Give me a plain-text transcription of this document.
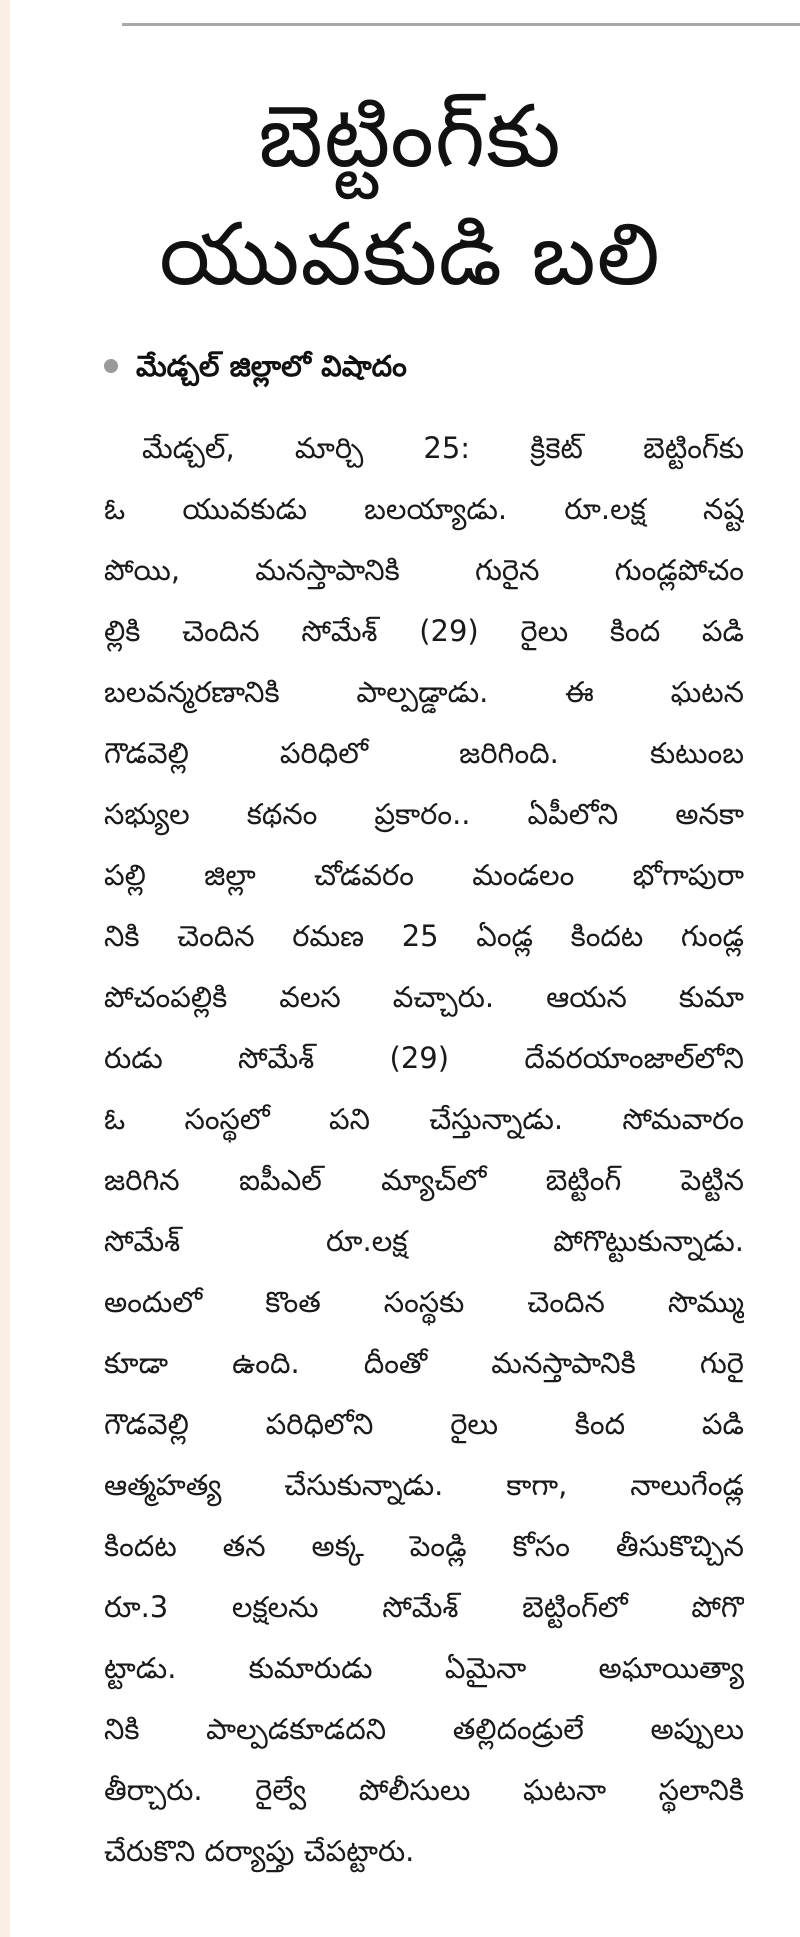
బెట్టింగ్‌కు
యువకుడి బలి
మేడ్చల్ జిల్లాలో విషాదం
మేడ్చల్, మార్చి 25: క్రికెట్ బెట్టింగ్‌కు
ఓ యువకుడు బలయ్యాడు. రూ.లక్ష నష్ట
పోయి, మనస్తాపానికి గురైన గుండ్లపోచం
ల్లికి చెందిన సోమేశ్ (29) రైలు కింద పడి
బలవన్మరణానికి పాల్పడ్డాడు. ఈ ఘటన
గౌడవెల్లి పరిధిలో జరిగింది. కుటుంబ
సభ్యుల కథనం ప్రకారం.. ఏపీలోని అనకా
పల్లి జిల్లా చోడవరం మండలం భోగాపురా
నికి చెందిన రమణ 25 ఏండ్ల కిందట గుండ్ల
పోచంపల్లికి వలస వచ్చారు. ఆయన కుమా
రుడు సోమేశ్ (29) దేవరయాంజాల్‌లోని
ఓ సంస్థలో పని చేస్తున్నాడు. సోమవారం
జరిగిన ఐపీఎల్ మ్యాచ్‌లో బెట్టింగ్ పెట్టిన
సోమేశ్ రూ.లక్ష పోగొట్టుకున్నాడు.
అందులో కొంత సంస్థకు చెందిన సొమ్ము
కూడా ఉంది. దీంతో మనస్తాపానికి గురై
గౌడవెల్లి పరిధిలోని రైలు కింద పడి
ఆత్మహత్య చేసుకున్నాడు. కాగా, నాలుగేండ్ల
కిందట తన అక్క పెండ్లి కోసం తీసుకొచ్చిన
రూ.3 లక్షలను సోమేశ్ బెట్టింగ్‌లో పోగొ
ట్టాడు. కుమారుడు ఏమైనా అఘాయిత్యా
నికి పాల్పడకూడదని తల్లిదండ్రులే అప్పులు
తీర్చారు. రైల్వే పోలీసులు ఘటనా స్థలానికి
చేరుకొని దర్యాప్తు చేపట్టారు.
